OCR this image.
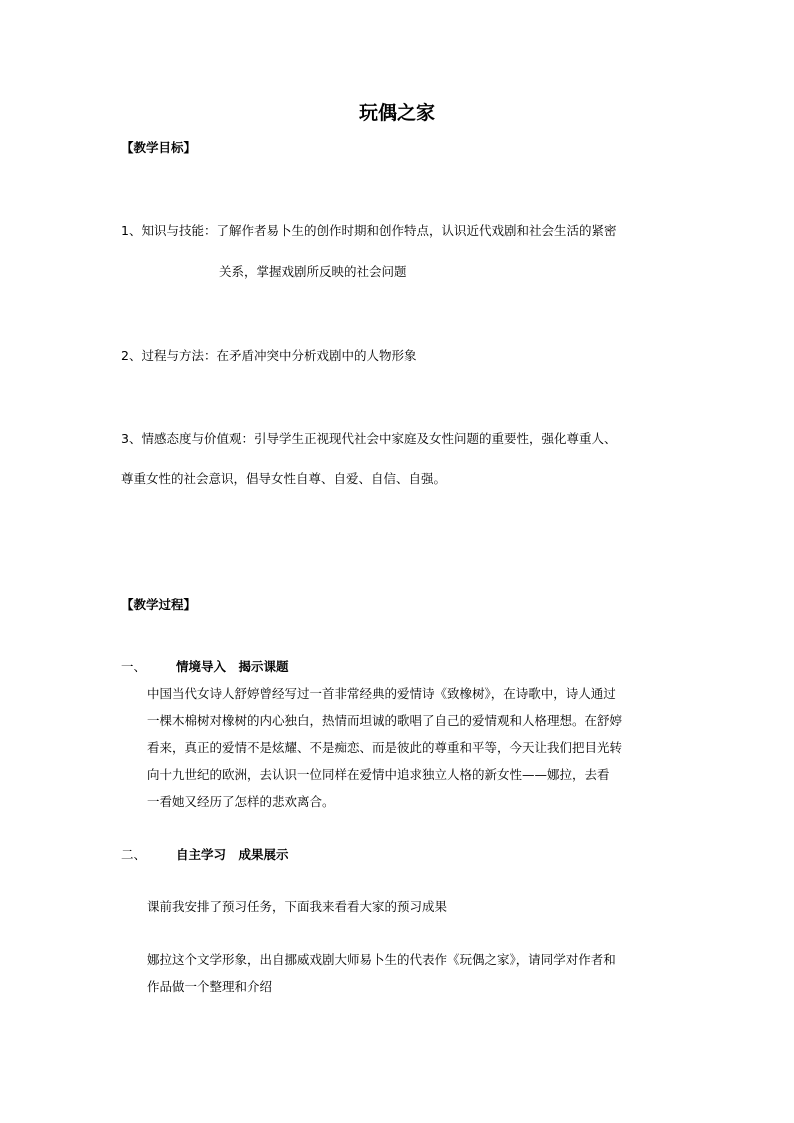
玩偶之家
【教学目标】
1、知识与技能：了解作者易卜生的创作时期和创作特点，认识近代戏剧和社会生活的紧密
关系，掌握戏剧所反映的社会问题
2、过程与方法：在矛盾冲突中分析戏剧中的人物形象
3、情感态度与价值观：引导学生正视现代社会中家庭及女性问题的重要性，强化尊重人、
尊重女性的社会意识，倡导女性自尊、自爱、自信、自强。
【教学过程】
一、 情境导入　揭示课题
中国当代女诗人舒婷曾经写过一首非常经典的爱情诗《致橡树》，在诗歌中，诗人通过
一棵木棉树对橡树的内心独白，热情而坦诚的歌唱了自己的爱情观和人格理想。在舒婷
看来，真正的爱情不是炫耀、不是痴恋、而是彼此的尊重和平等，今天让我们把目光转
向十九世纪的欧洲，去认识一位同样在爱情中追求独立人格的新女性——娜拉，去看
一看她又经历了怎样的悲欢离合。
二、 自主学习　成果展示
课前我安排了预习任务，下面我来看看大家的预习成果
娜拉这个文学形象，出自挪威戏剧大师易卜生的代表作《玩偶之家》，请同学对作者和
作品做一个整理和介绍
